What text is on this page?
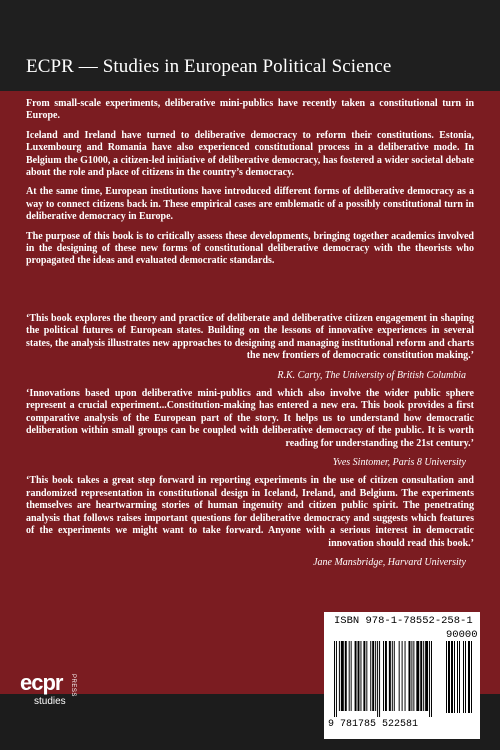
ECPR — Studies in European Political Science

From small-scale experiments, deliberative mini-publics have recently taken a constitutional turn in Europe.

Iceland and Ireland have turned to deliberative democracy to reform their constitutions. Estonia, Luxembourg and Romania have also experienced constitutional process in a deliberative mode. In Belgium the G1000, a citizen-led initiative of deliberative democracy, has fostered a wider societal debate about the role and place of citizens in the country’s democracy.

At the same time, European institutions have introduced different forms of deliberative democracy as a way to connect citizens back in. These empirical cases are emblematic of a possibly constitutional turn in deliberative democracy in Europe.

The purpose of this book is to critically assess these developments, bringing together academics involved in the designing of these new forms of constitutional deliberative democracy with the theorists who propagated the ideas and evaluated democratic standards.

‘This book explores the theory and practice of deliberate and deliberative citizen engagement in shaping the political futures of European states. Building on the lessons of innovative experiences in several states, the analysis illustrates new approaches to designing and managing institutional reform and charts the new frontiers of democratic constitution making.’

R.K. Carty, The University of British Columbia

‘Innovations based upon deliberative mini-publics and which also involve the wider public sphere represent a crucial experiment...Constitution-making has entered a new era. This book provides a first comparative analysis of the European part of the story. It helps us to understand how democratic deliberation within small groups can be coupled with deliberative democracy of the public. It is worth reading for understanding the 21st century.’

Yves Sintomer, Paris 8 University

‘This book takes a great step forward in reporting experiments in the use of citizen consultation and randomized representation in constitutional design in Iceland, Ireland, and Belgium. The experiments themselves are heartwarming stories of human ingenuity and citizen public spirit. The penetrating analysis that follows raises important questions for deliberative democracy and suggests which features of the experiments we might want to take forward. Anyone with a serious interest in democratic innovation should read this book.’

Jane Mansbridge, Harvard University
ecpr PRESS
studies
ISBN 978-1-78552-258-1
90000
9 781785 522581
